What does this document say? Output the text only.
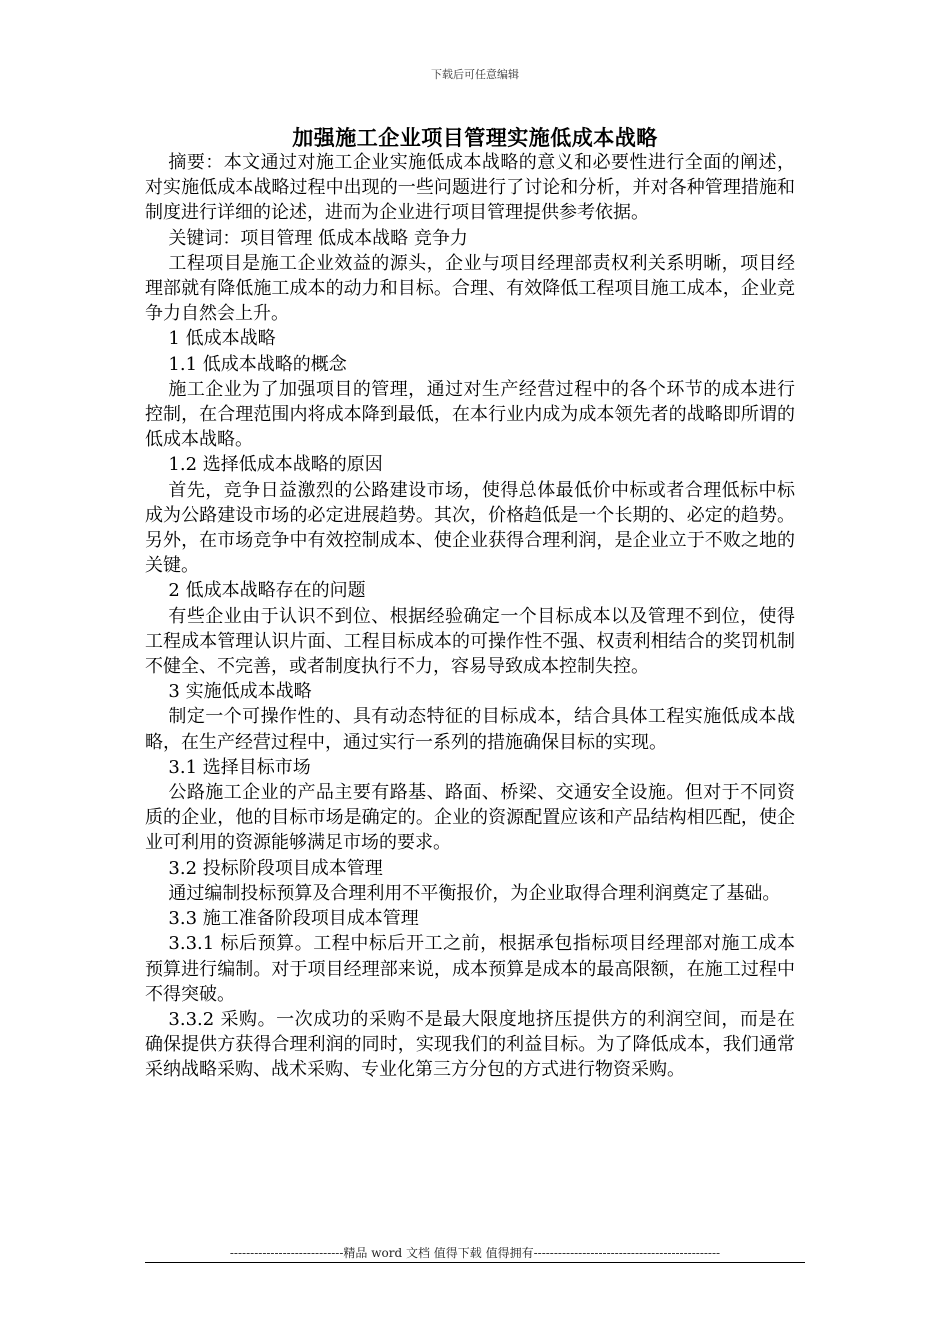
下载后可任意编辑
加强施工企业项目管理实施低成本战略

摘要：本文通过对施工企业实施低成本战略的意义和必要性进行全面的阐述，对实施低成本战略过程中出现的一些问题进行了讨论和分析，并对各种管理措施和制度进行详细的论述，进而为企业进行项目管理提供参考依据。

关键词：项目管理 低成本战略 竞争力

工程项目是施工企业效益的源头，企业与项目经理部责权利关系明晰，项目经理部就有降低施工成本的动力和目标。合理、有效降低工程项目施工成本，企业竞争力自然会上升。

1 低成本战略

1.1 低成本战略的概念

施工企业为了加强项目的管理，通过对生产经营过程中的各个环节的成本进行控制，在合理范围内将成本降到最低，在本行业内成为成本领先者的战略即所谓的低成本战略。

1.2 选择低成本战略的原因

首先，竞争日益激烈的公路建设市场，使得总体最低价中标或者合理低标中标成为公路建设市场的必定进展趋势。其次，价格趋低是一个长期的、必定的趋势。另外，在市场竞争中有效控制成本、使企业获得合理利润，是企业立于不败之地的关键。

2 低成本战略存在的问题

有些企业由于认识不到位、根据经验确定一个目标成本以及管理不到位，使得工程成本管理认识片面、工程目标成本的可操作性不强、权责利相结合的奖罚机制不健全、不完善，或者制度执行不力，容易导致成本控制失控。

3 实施低成本战略

制定一个可操作性的、具有动态特征的目标成本，结合具体工程实施低成本战略，在生产经营过程中，通过实行一系列的措施确保目标的实现。

3.1 选择目标市场

公路施工企业的产品主要有路基、路面、桥梁、交通安全设施。但对于不同资质的企业，他的目标市场是确定的。企业的资源配置应该和产品结构相匹配，使企业可利用的资源能够满足市场的要求。

3.2 投标阶段项目成本管理

通过编制投标预算及合理利用不平衡报价，为企业取得合理利润奠定了基础。

3.3 施工准备阶段项目成本管理

3.3.1 标后预算。工程中标后开工之前，根据承包指标项目经理部对施工成本预算进行编制。对于项目经理部来说，成本预算是成本的最高限额，在施工过程中不得突破。

3.3.2 采购。一次成功的采购不是最大限度地挤压提供方的利润空间，而是在确保提供方获得合理利润的同时，实现我们的利益目标。为了降低成本，我们通常采纳战略采购、战术采购、专业化第三方分包的方式进行物资采购。

----------------------------精品 word 文档 值得下载 值得拥有----------------------------------------------
